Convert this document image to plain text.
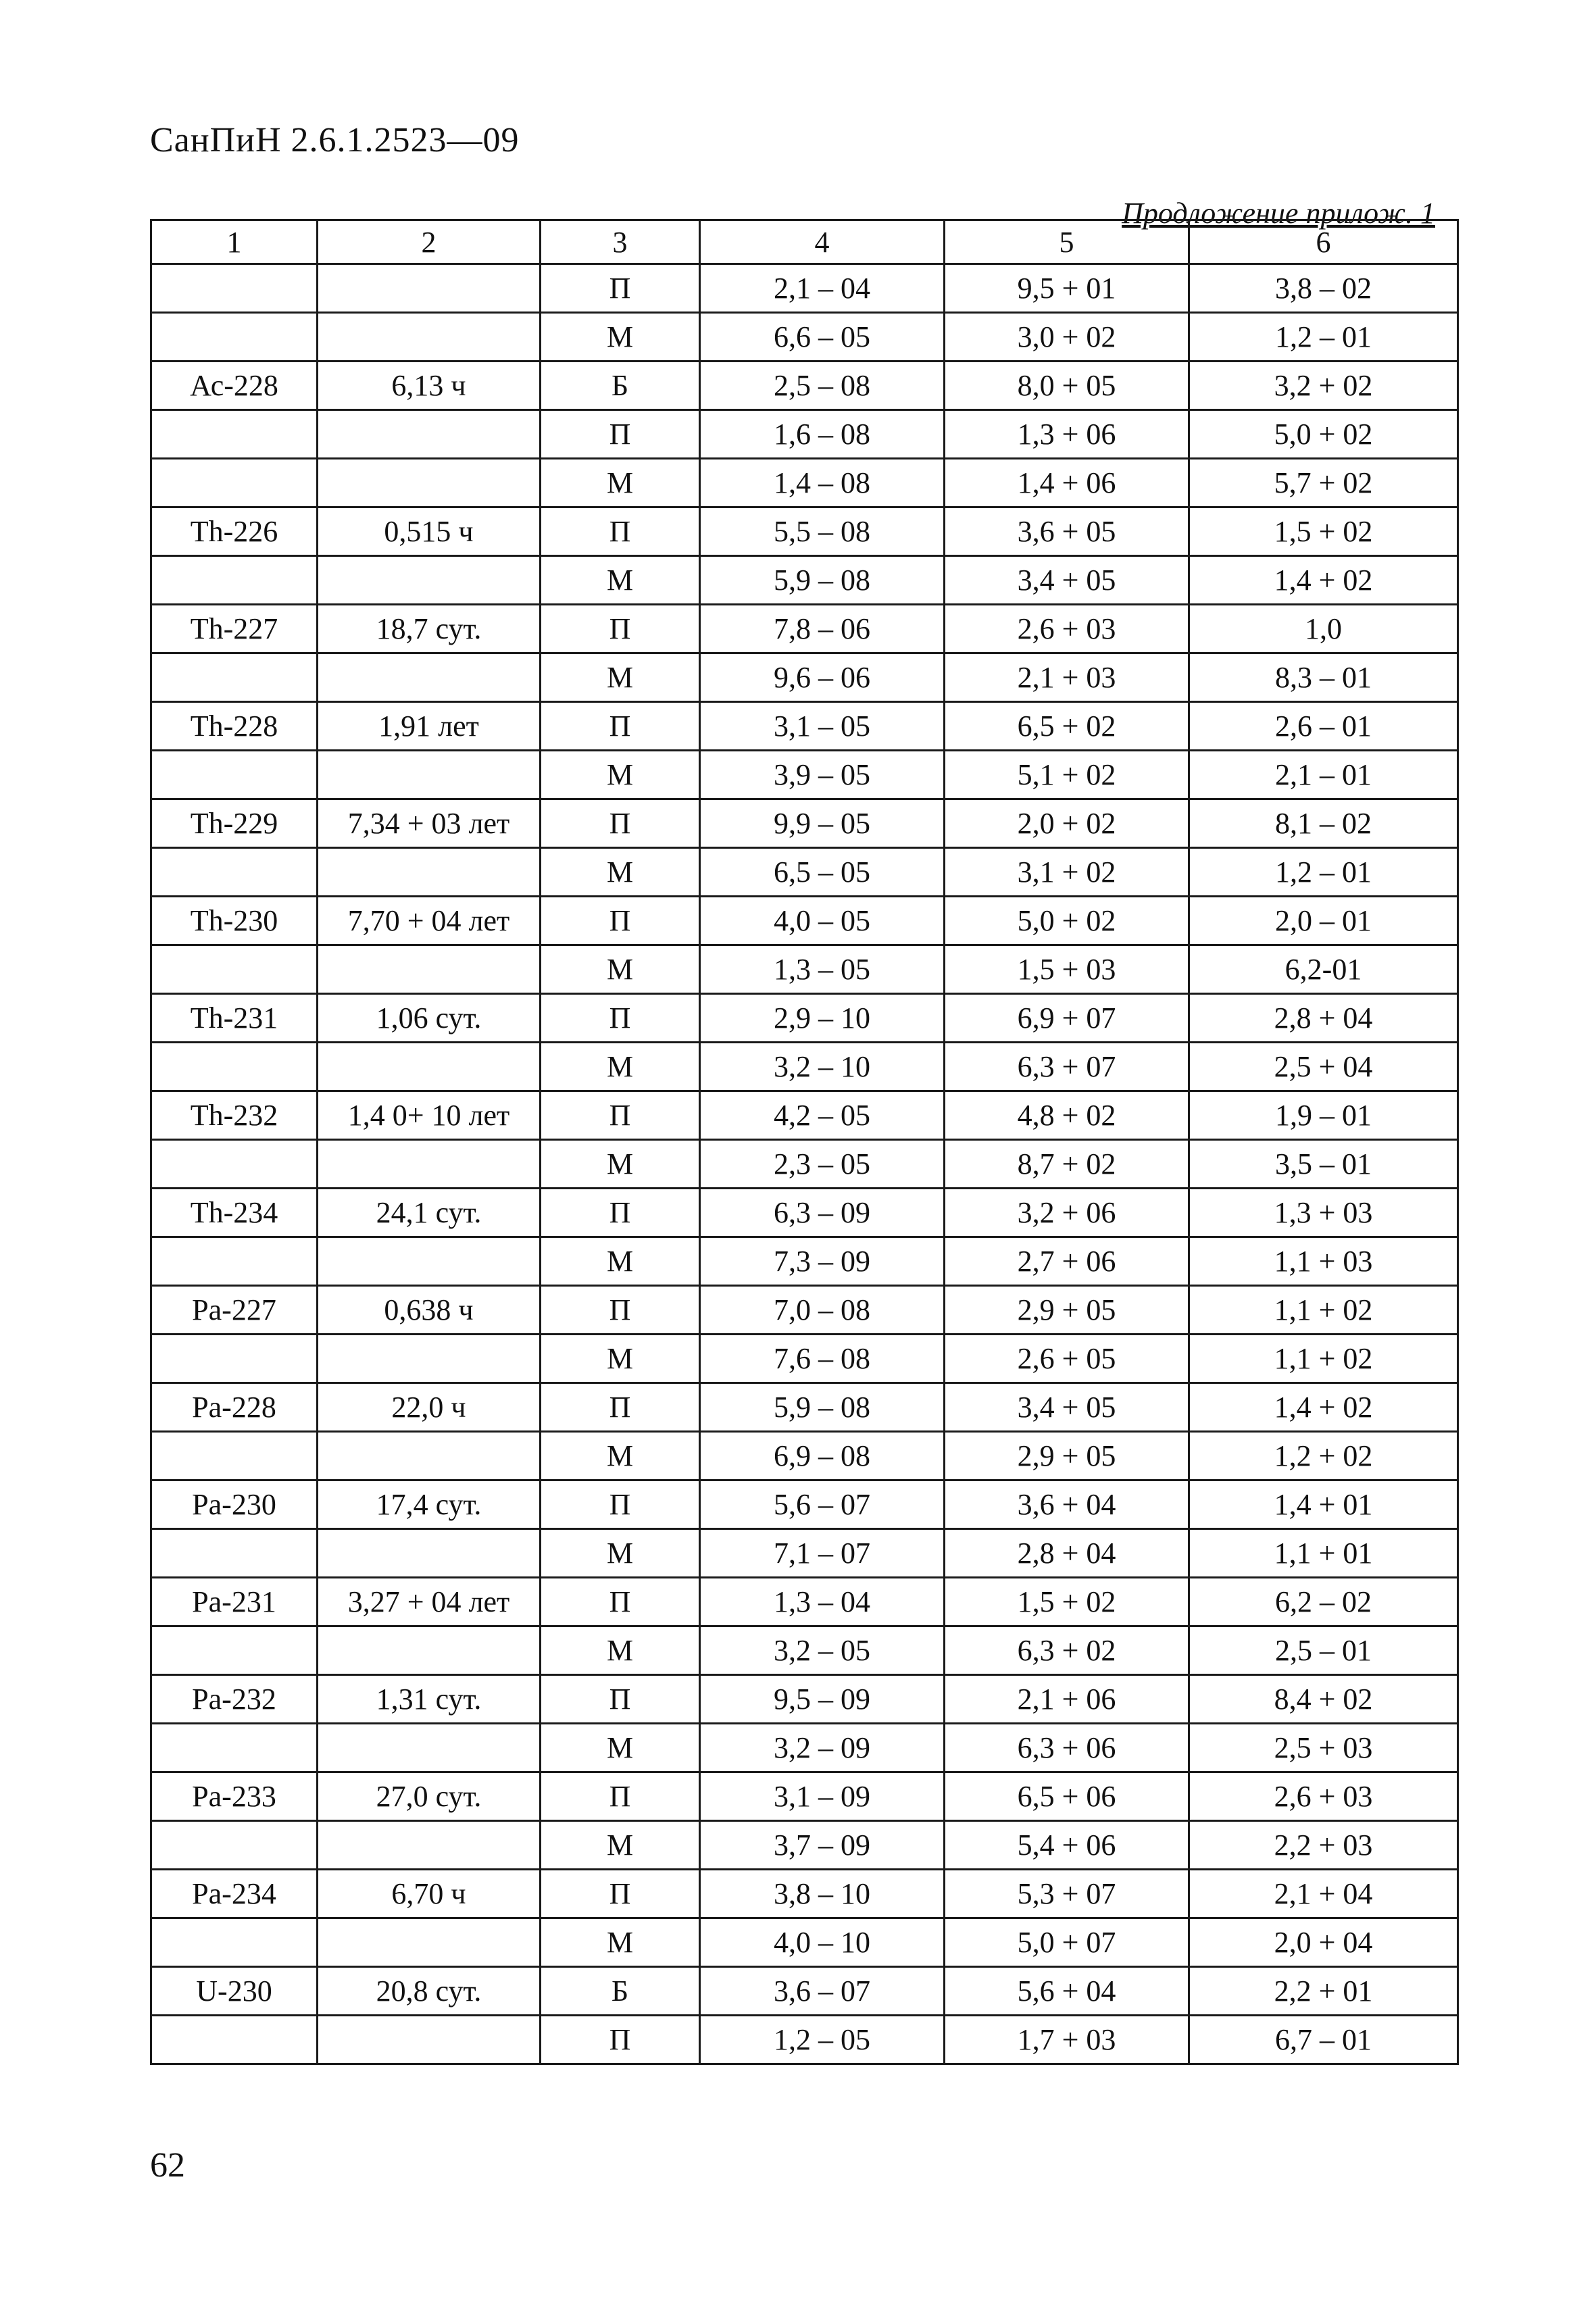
СанПиН 2.6.1.2523—09
Продложение прилож. 1
1	2	3	4	5	6
		П	2,1 – 04	9,5 + 01	3,8 – 02
		М	6,6 – 05	3,0 + 02	1,2 – 01
Ас-228	6,13 ч	Б	2,5 – 08	8,0 + 05	3,2 + 02
		П	1,6 – 08	1,3 + 06	5,0 + 02
		М	1,4 – 08	1,4 + 06	5,7 + 02
Th-226	0,515 ч	П	5,5 – 08	3,6 + 05	1,5 + 02
		М	5,9 – 08	3,4 + 05	1,4 + 02
Th-227	18,7 сут.	П	7,8 – 06	2,6 + 03	1,0
		М	9,6 – 06	2,1 + 03	8,3 – 01
Th-228	1,91 лет	П	3,1 – 05	6,5 + 02	2,6 – 01
		М	3,9 – 05	5,1 + 02	2,1 – 01
Th-229	7,34 + 03 лет	П	9,9 – 05	2,0 + 02	8,1 – 02
		М	6,5 – 05	3,1 + 02	1,2 – 01
Th-230	7,70 + 04 лет	П	4,0 – 05	5,0 + 02	2,0 – 01
		М	1,3 – 05	1,5 + 03	6,2-01
Th-231	1,06 сут.	П	2,9 – 10	6,9 + 07	2,8 + 04
		М	3,2 – 10	6,3 + 07	2,5 + 04
Th-232	1,4 0+ 10 лет	П	4,2 – 05	4,8 + 02	1,9 – 01
		М	2,3 – 05	8,7 + 02	3,5 – 01
Th-234	24,1 сут.	П	6,3 – 09	3,2 + 06	1,3 + 03
		М	7,3 – 09	2,7 + 06	1,1 + 03
Pa-227	0,638 ч	П	7,0 – 08	2,9 + 05	1,1 + 02
		М	7,6 – 08	2,6 + 05	1,1 + 02
Pa-228	22,0 ч	П	5,9 – 08	3,4 + 05	1,4 + 02
		М	6,9 – 08	2,9 + 05	1,2 + 02
Pa-230	17,4 сут.	П	5,6 – 07	3,6 + 04	1,4 + 01
		М	7,1 – 07	2,8 + 04	1,1 + 01
Pa-231	3,27 + 04 лет	П	1,3 – 04	1,5 + 02	6,2 – 02
		М	3,2 – 05	6,3 + 02	2,5 – 01
Pa-232	1,31 сут.	П	9,5 – 09	2,1 + 06	8,4 + 02
		М	3,2 – 09	6,3 + 06	2,5 + 03
Pa-233	27,0 сут.	П	3,1 – 09	6,5 + 06	2,6 + 03
		М	3,7 – 09	5,4 + 06	2,2 + 03
Pa-234	6,70 ч	П	3,8 – 10	5,3 + 07	2,1 + 04
		М	4,0 – 10	5,0 + 07	2,0 + 04
U-230	20,8 сут.	Б	3,6 – 07	5,6 + 04	2,2 + 01
		П	1,2 – 05	1,7 + 03	6,7 – 01
62
